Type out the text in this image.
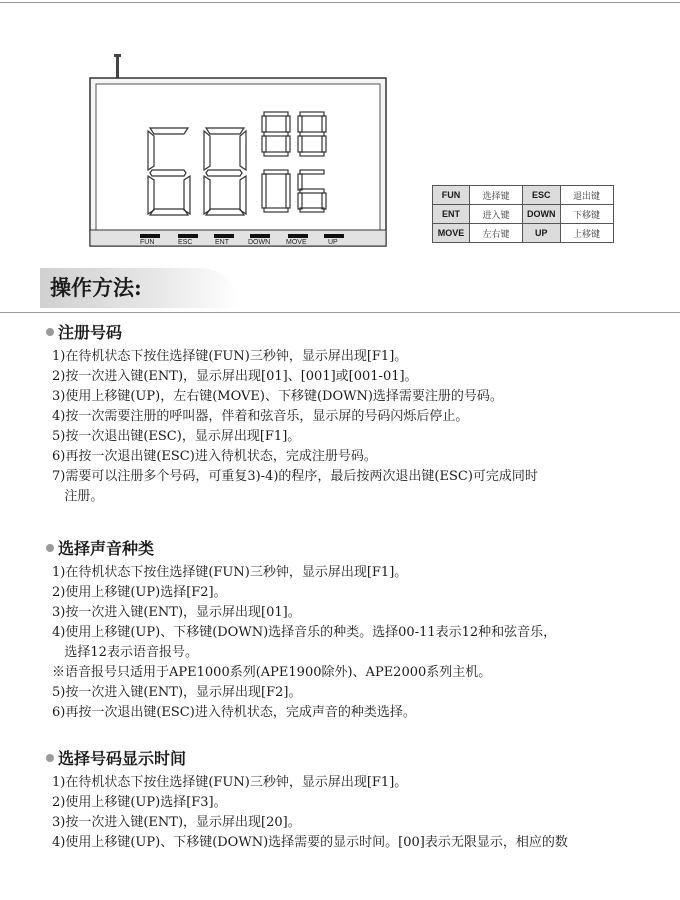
FUN	ESC	ENT	DOWN MOVE	UP
FUN	选择键	ESC	退出键
ENT	进入键	DOWN	下移键
MOVE	左右键	UP	上移键
操作方法:
注册号码
1)在待机状态下按住选择键(FUN)三秒钟，显示屏出现[F1]。
2)按一次进入键(ENT)，显示屏出现[01]、[001]或[001-01]。
3)使用上移键(UP)，左右键(MOVE)、下移键(DOWN)选择需要注册的号码。
4)按一次需要注册的呼叫器，伴着和弦音乐，显示屏的号码闪烁后停止。
5)按一次退出键(ESC)，显示屏出现[F1]。
6)再按一次退出键(ESC)进入待机状态，完成注册号码。
7)需要可以注册多个号码，可重复3)-4)的程序，最后按两次退出键(ESC)可完成同时
注册。
选择声音种类
1)在待机状态下按住选择键(FUN)三秒钟，显示屏出现[F1]。
2)使用上移键(UP)选择[F2]。
3)按一次进入键(ENT)，显示屏出现[01]。
4)使用上移键(UP)、下移键(DOWN)选择音乐的种类。选择00-11表示12种和弦音乐，
选择12表示语音报号。
※语音报号只适用于APE1000系列(APE1900除外)、APE2000系列主机。
5)按一次进入键(ENT)，显示屏出现[F2]。
6)再按一次退出键(ESC)进入待机状态，完成声音的种类选择。
选择号码显示时间
1)在待机状态下按住选择键(FUN)三秒钟，显示屏出现[F1]。
2)使用上移键(UP)选择[F3]。
3)按一次进入键(ENT)，显示屏出现[20]。
4)使用上移键(UP)、下移键(DOWN)选择需要的显示时间。[00]表示无限显示，相应的数
